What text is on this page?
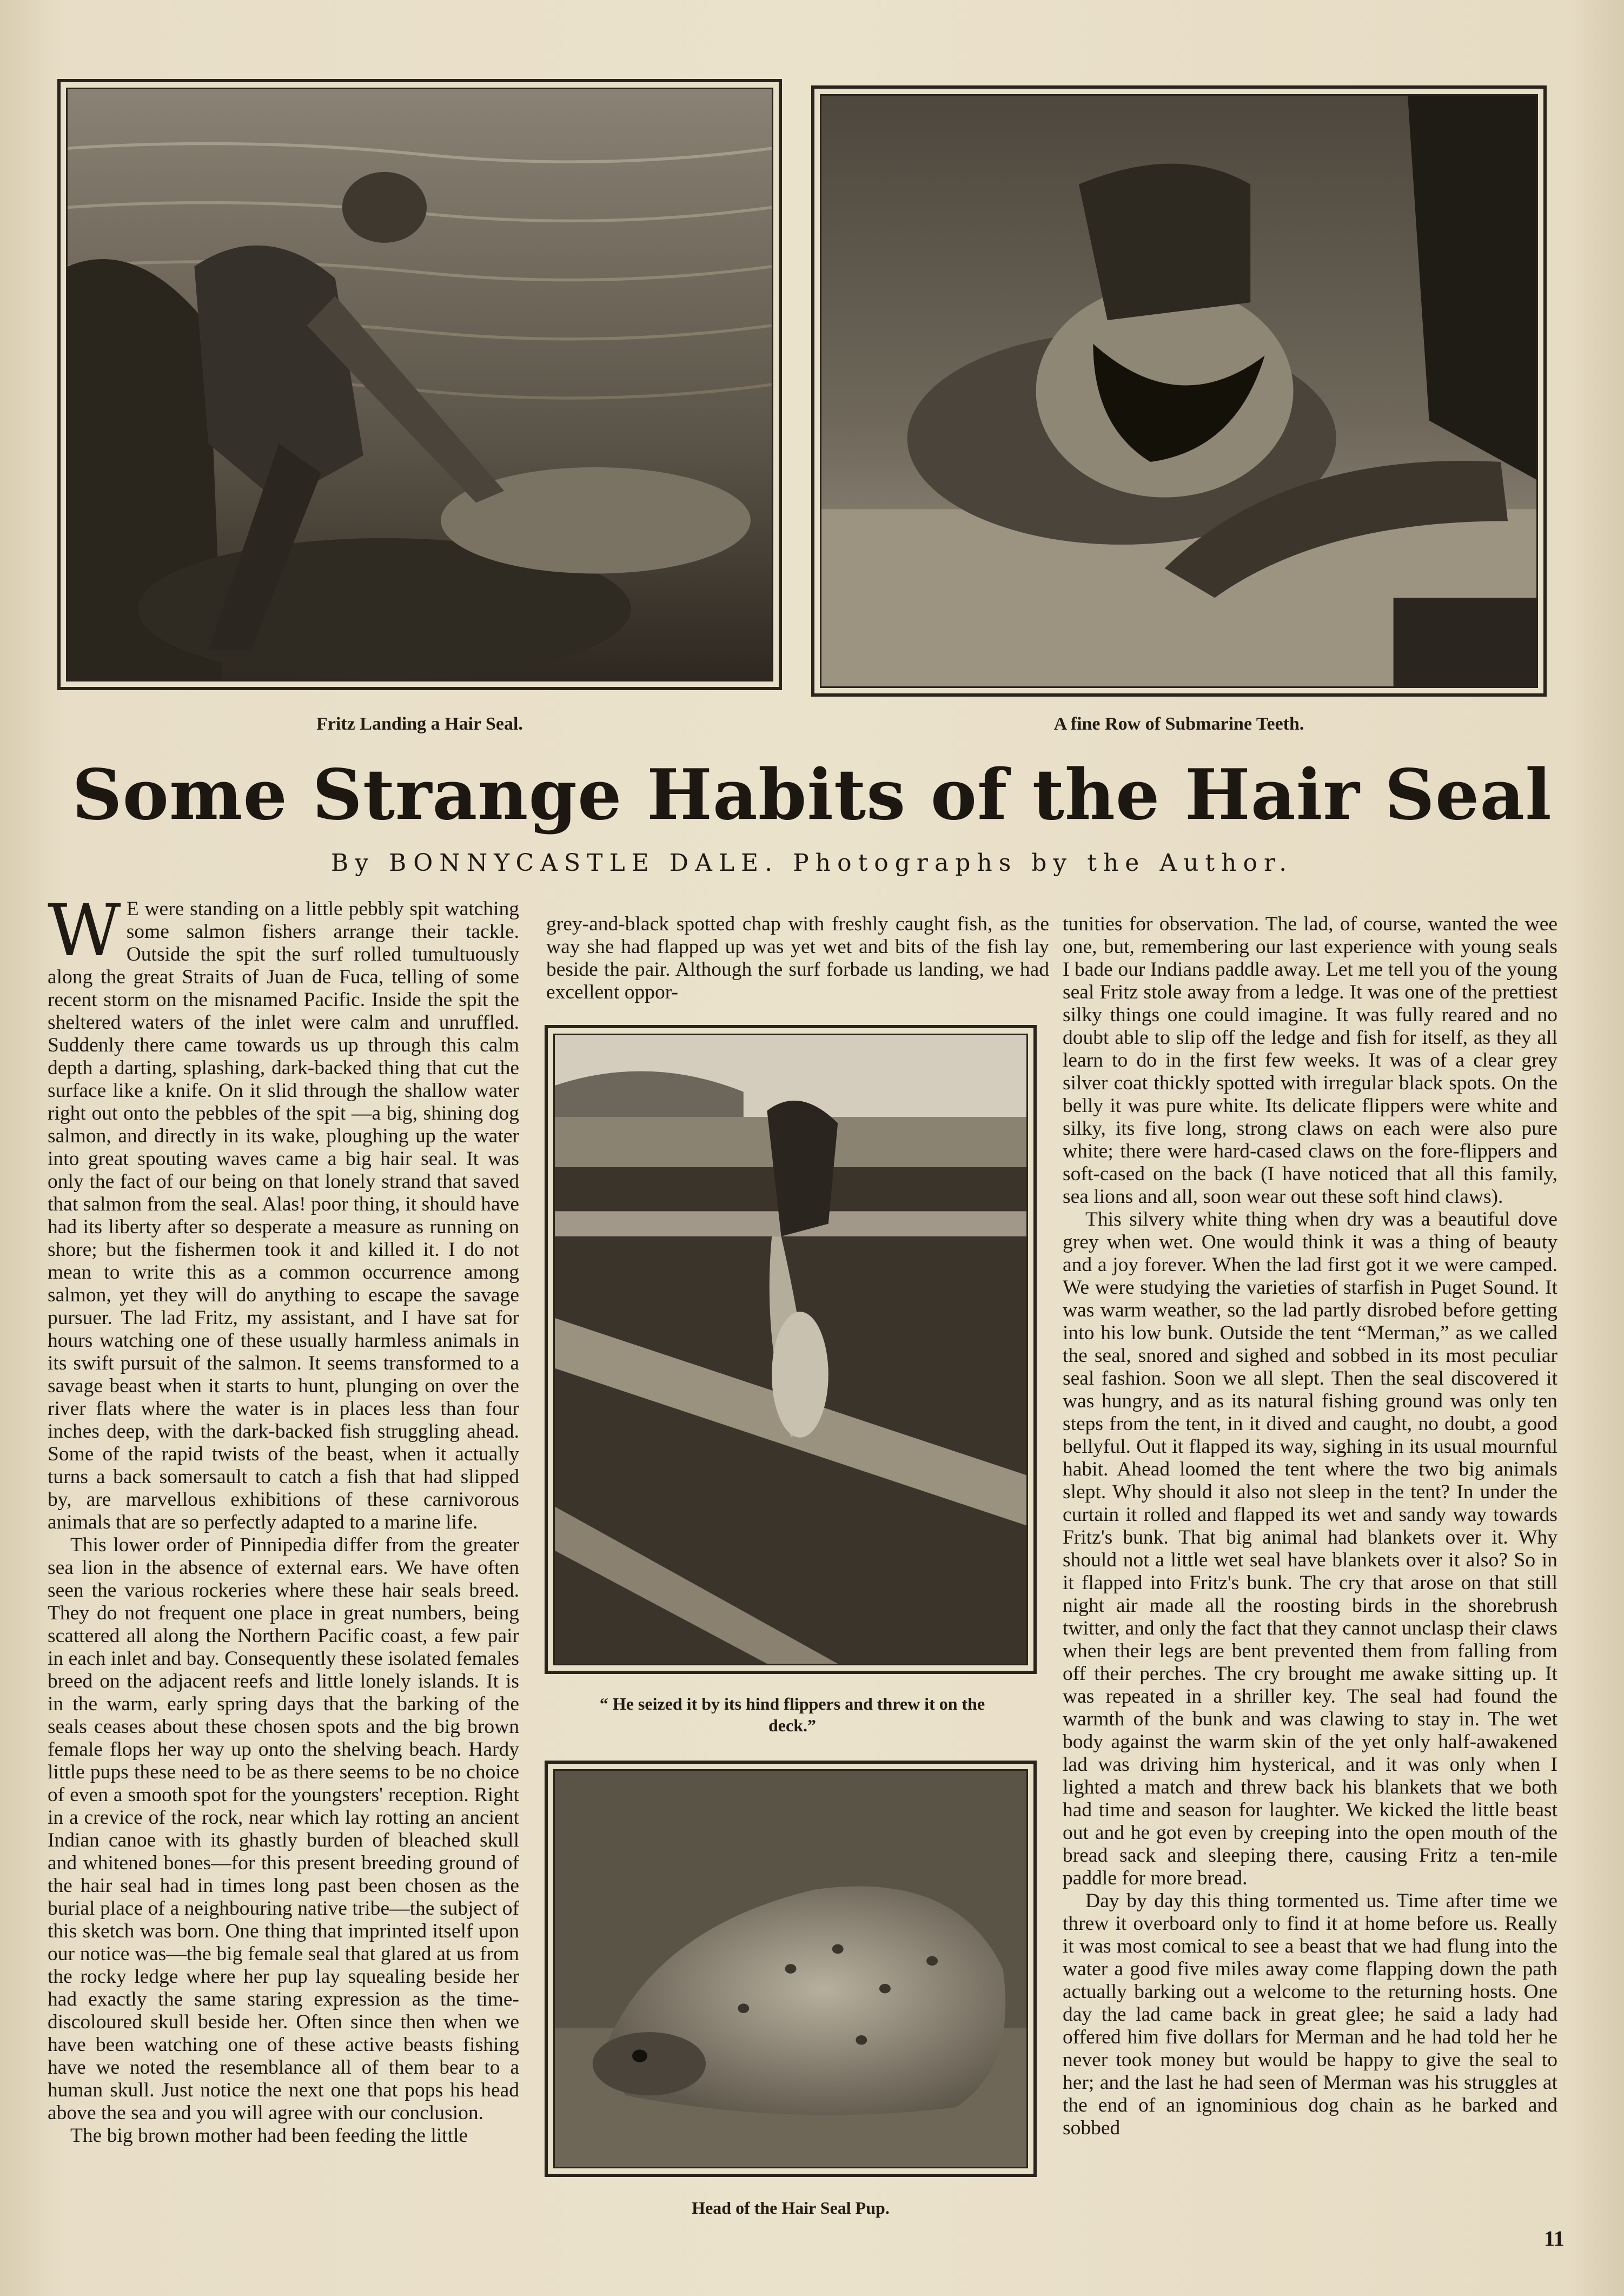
Fritz Landing a Hair Seal.	A fine Row of Submarine Teeth.
Some Strange Habits of the Hair Seal
By BONNYCASTLE DALE. Photographs by the Author.

W E were standing on a little pebbly spit watching some salmon fishers arrange their tackle. Outside the spit the surf rolled tumultuously along the great Straits of Juan de Fuca, telling of some recent storm on the misnamed Pacific. Inside the spit the sheltered waters of the inlet were calm and unruffled. Suddenly there came towards us up through this calm depth a darting, splashing, dark-backed thing that cut the surface like a knife. On it slid through the shallow water right out onto the pebbles of the spit —a big, shining dog salmon, and directly in its wake, ploughing up the water into great spouting waves came a big hair seal. It was only the fact of our being on that lonely strand that saved that salmon from the seal. Alas! poor thing, it should have had its liberty after so desperate a measure as running on shore; but the fishermen took it and killed it. I do not mean to write this as a common occurrence among salmon, yet they will do anything to escape the savage pursuer. The lad Fritz, my assistant, and I have sat for hours watching one of these usually harmless animals in its swift pursuit of the salmon. It seems transformed to a savage beast when it starts to hunt, plunging on over the river flats where the water is in places less than four inches deep, with the dark-backed fish struggling ahead. Some of the rapid twists of the beast, when it actually turns a back somersault to catch a fish that had slipped by, are marvellous exhibitions of these carnivorous animals that are so perfectly adapted to a marine life.

This lower order of Pinnipedia differ from the greater sea lion in the absence of external ears. We have often seen the various rockeries where these hair seals breed. They do not frequent one place in great numbers, being scattered all along the Northern Pacific coast, a few pair in each inlet and bay. Consequently these isolated females breed on the adjacent reefs and little lonely islands. It is in the warm, early spring days that the barking of the seals ceases about these chosen spots and the big brown female flops her way up onto the shelving beach. Hardy little pups these need to be as there seems to be no choice of even a smooth spot for the youngsters' reception. Right in a crevice of the rock, near which lay rotting an ancient Indian canoe with its ghastly burden of bleached skull and whitened bones—for this present breeding ground of the hair seal had in times long past been chosen as the burial place of a neighbouring native tribe—the subject of this sketch was born. One thing that imprinted itself upon our notice was—the big female seal that glared at us from the rocky ledge where her pup lay squealing beside her had exactly the same staring expression as the time-discoloured skull beside her. Often since then when we have been watching one of these active beasts fishing have we noted the resemblance all of them bear to a human skull. Just notice the next one that pops his head above the sea and you will agree with our conclusion.

The big brown mother had been feeding the little

grey-and-black spotted chap with freshly caught fish, as the way she had flapped up was yet wet and bits of the fish lay beside the pair. Although the surf forbade us landing, we had excellent oppor-

“ He seized it by its hind flippers and threw it on the deck.”
Head of the Hair Seal Pup.

tunities for observation. The lad, of course, wanted the wee one, but, remembering our last experience with young seals I bade our Indians paddle away. Let me tell you of the young seal Fritz stole away from a ledge. It was one of the prettiest silky things one could imagine. It was fully reared and no doubt able to slip off the ledge and fish for itself, as they all learn to do in the first few weeks. It was of a clear grey silver coat thickly spotted with irregular black spots. On the belly it was pure white. Its delicate flippers were white and silky, its five long, strong claws on each were also pure white; there were hard-cased claws on the fore-flippers and soft-cased on the back (I have noticed that all this family, sea lions and all, soon wear out these soft hind claws).

This silvery white thing when dry was a beautiful dove grey when wet. One would think it was a thing of beauty and a joy forever. When the lad first got it we were camped. We were studying the varieties of starfish in Puget Sound. It was warm weather, so the lad partly disrobed before getting into his low bunk. Outside the tent “Merman,” as we called the seal, snored and sighed and sobbed in its most peculiar seal fashion. Soon we all slept. Then the seal discovered it was hungry, and as its natural fishing ground was only ten steps from the tent, in it dived and caught, no doubt, a good bellyful. Out it flapped its way, sighing in its usual mournful habit. Ahead loomed the tent where the two big animals slept. Why should it also not sleep in the tent? In under the curtain it rolled and flapped its wet and sandy way towards Fritz's bunk. That big animal had blankets over it. Why should not a little wet seal have blankets over it also? So in it flapped into Fritz's bunk. The cry that arose on that still night air made all the roosting birds in the shorebrush twitter, and only the fact that they cannot unclasp their claws when their legs are bent prevented them from falling from off their perches. The cry brought me awake sitting up. It was repeated in a shriller key. The seal had found the warmth of the bunk and was clawing to stay in. The wet body against the warm skin of the yet only half-awakened lad was driving him hysterical, and it was only when I lighted a match and threw back his blankets that we both had time and season for laughter. We kicked the little beast out and he got even by creeping into the open mouth of the bread sack and sleeping there, causing Fritz a ten-mile paddle for more bread.

Day by day this thing tormented us. Time after time we threw it overboard only to find it at home before us. Really it was most comical to see a beast that we had flung into the water a good five miles away come flapping down the path actually barking out a welcome to the returning hosts. One day the lad came back in great glee; he said a lady had offered him five dollars for Merman and he had told her he never took money but would be happy to give the seal to her; and the last he had seen of Merman was his struggles at the end of an ignominious dog chain as he barked and sobbed

11
